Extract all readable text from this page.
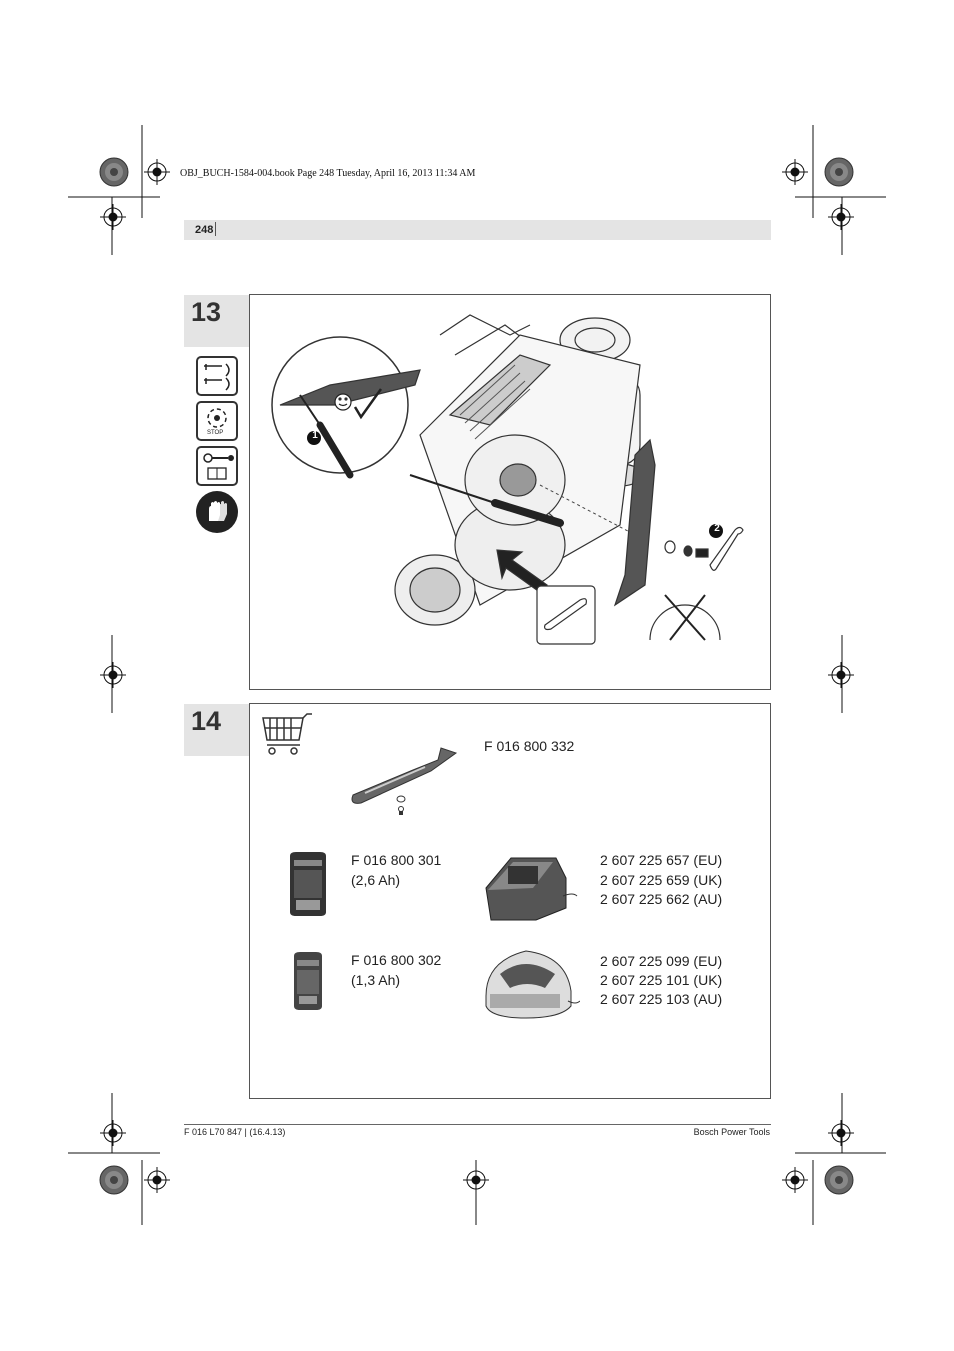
OBJ_BUCH-1584-004.book Page 248 Tuesday, April 16, 2013 11:34 AM
248
13
STOP	1
2
14
F 016 800 332
F 016 800 301
(2,6 Ah)
2 607 225 657 (EU)
2 607 225 659 (UK)
2 607 225 662 (AU)
F 016 800 302
(1,3 Ah)
2 607 225 099 (EU)
2 607 225 101 (UK)
2 607 225 103 (AU)
F 016 L70 847 | (16.4.13)	Bosch Power Tools
